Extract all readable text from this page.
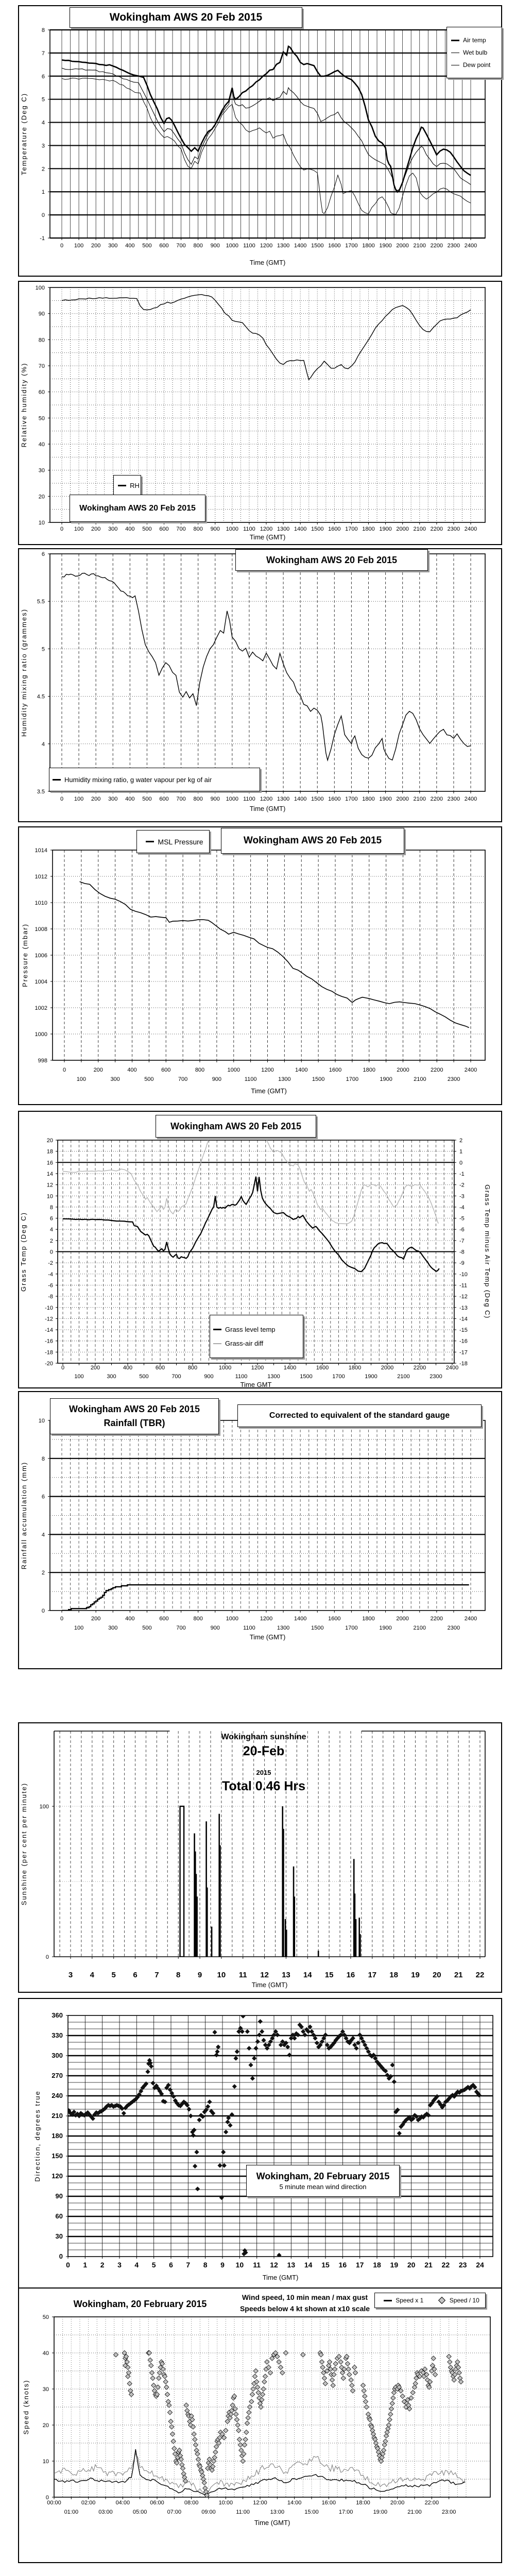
0 100 200 300 400 500 600 700 800 900 1000 1100 1200 1300 1400 1500 1600 1700 1800 1900 2000 2100 2200 2300 2400
8
7
6
5
4
3
2
1
0
-1
Temperature (Deg C)
Time (GMT)
Wokingham AWS 20 Feb 2015
Air temp
Wet bulb
Dew point
0 100 200 300 400 500 600 700 800 900 1000 1100 1200 1300 1400 1500 1600 1700 1800 1900 2000 2100 2200 2300 2400
100
90
80
70
60
50
40
30
20
10
Relative humidity (%)
Time (GMT)
RH
Wokingham AWS 20 Feb 2015
0 100 200 300 400 500 600 700 800 900 1000 1100 1200 1300 1400 1500 1600 1700 1800 1900 2000 2100 2200 2300 2400
6
5.5
5
4.5
4
3.5
Humidity mixing ratio (grammes)
Time (GMT)
Wokingham AWS 20 Feb 2015
Humidity mixing ratio, g water vapour per kg of air
0
100
200
300
400
500
600
700
800
900
1000
1100
1200
1300
1400
1500
1600
1700
1800
1900
2000
2100
2200
2300
2400
1014
1012
1010
1008
1006
1004
1002
1000
998
Pressure (mbar)
Time (GMT)
MSL Pressure	Wokingham AWS 20 Feb 2015
0
100
200
300
400
500
600
700
800
900
1000
1100
1200
1300
1400
1500
1600
1700
1800
1900
2000
2100
2200
2300
2400
20
18
16
14
12
10
8
6
4
2
0
-2
-4
-6
-8
-10
-12
-14
-16
-18
-20
2
1
0
-1
-2
-3
-4
-5
-6
-7
-8
-9
-10
-11
-12
-13
-14
-15
-16
-17
-18
Grass Temp (Deg C)	Grass Temp minus Air Temp (Deg C)
Time GMT
Wokingham AWS 20 Feb 2015
Grass level temp
Grass-air diff
0
100
200
300
400
500
600
700
800
900
1000
1100
1200
1300
1400
1500
1600
1700
1800
1900
2000
2100
2200
2300
2400
10
8
6
4
2
0
Rainfall accumulation (mm)
Time (GMT)
Wokingham AWS 20 Feb 2015
Rainfall (TBR)
Corrected to equivalent of the standard gauge
3 4 5 6 7 8 9 10 11 12 13 14 15 16 17 18 19 20 21 22
100
0
Sunshine (per cent per minute)
Time (GMT)
Wokingham sunshine
20-Feb
2015
Total 0.46 Hrs
0 1 2 3 4 5 6 7 8 9 10 11 12 13 14 15 16 17 18 19 20 21 22 23 24
360
330
300
270
240
210
180
150
120
90
60
30
0
Direction, degrees true
Time (GMT)
Wokingham, 20 February 2015
5 minute mean wind direction
00:00
01:00
02:00
03:00
04:00
05:00
06:00
07:00
08:00
09:00
10:00
11:00
12:00
13:00
14:00
15:00
16:00
17:00
18:00
19:00
20:00
21:00
22:00
23:00
50
40
30
20
10
0
Speed (knots)
Time (GMT)
Wokingham, 20 February 2015
Wind speed, 10 min mean / max gust
Speeds below 4 kt shown at x10 scale
Speed x 1	Speed / 10
